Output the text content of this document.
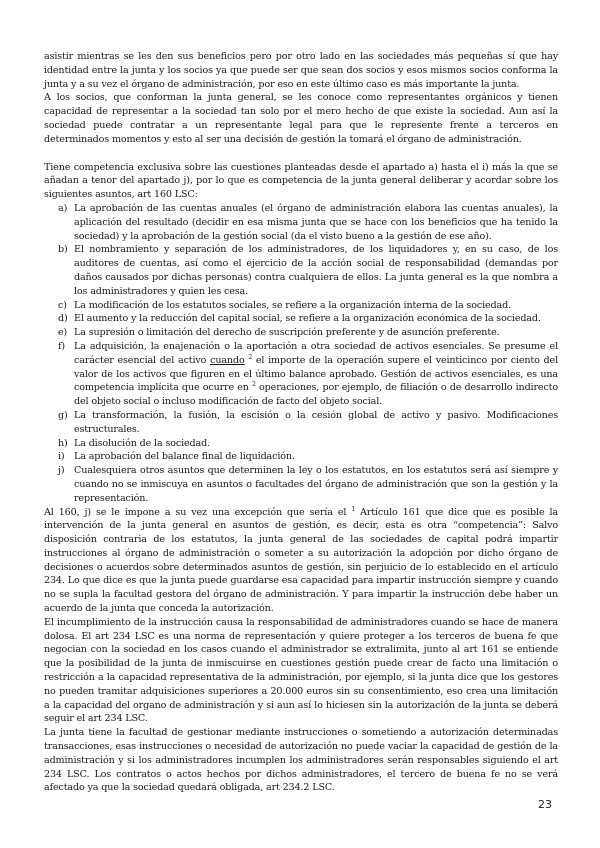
asistir mientras se les den sus beneficios pero por otro lado en las sociedades más pequeñas sí que hay identidad entre la junta y los socios ya que puede ser que sean dos socios y esos mismos socios conforma la junta y a su vez el órgano de administración, por eso en este último caso es más importante la junta.

A los socios, que conforman la junta general, se les conoce como representantes orgánicos y tienen capacidad de representar a la sociedad tan solo por el mero hecho de que existe la sociedad. Aun así la sociedad puede contratar a un representante legal para que le represente frente a terceros en determinados momentos y esto al ser una decisión de gestión la tomará el órgano de administración.

Tiene competencia exclusiva sobre las cuestiones planteadas desde el apartado a) hasta el i) más la que se añadan a tenor del apartado j), por lo que es competencia de la junta general deliberar y acordar sobre los siguientes asuntos, art 160 LSC:

a) La aprobación de las cuentas anuales (el órgano de administración elabora las cuentas anuales), la aplicación del resultado (decidir en esa misma junta que se hace con los beneficios que ha tenido la sociedad) y la aprobación de la gestión social (da el visto bueno a la gestión de ese año).
b) El nombramiento y separación de los administradores, de los liquidadores y, en su caso, de los auditores de cuentas, así como el ejercicio de la acción social de responsabilidad (demandas por daños causados por dichas personas) contra cualquiera de ellos. La junta general es la que nombra a los administradores y quien les cesa.
c) La modificación de los estatutos sociales, se refiere a la organización interna de la sociedad.
d) El aumento y la reducción del capital social, se refiere a la organización económica de la sociedad.
e) La supresión o limitación del derecho de suscripción preferente y de asunción preferente.
f) La adquisición, la enajenación o la aportación a otra sociedad de activos esenciales. Se presume el carácter esencial del activo cuando $^2$ el importe de la operación supere el veinticinco por ciento del valor de los activos que figuren en el último balance aprobado. Gestión de activos esenciales, es una competencia implícita que ocurre en $^2$ operaciones, por ejemplo, de filiación o de desarrollo indirecto del objeto social o incluso modificación de facto del objeto social.
g) La transformación, la fusión, la escisión o la cesión global de activo y pasivo. Modificaciones estructurales.
h) La disolución de la sociedad.
i) La aprobación del balance final de liquidación.
j) Cualesquiera otros asuntos que determinen la ley o los estatutos, en los estatutos será así siempre y cuando no se inmiscuya en asuntos o facultades del órgano de administración que son la gestión y la representación.

Al 160, j) se le impone a su vez una excepción que sería el $^1$ Artículo 161 que dice que es posible la intervención de la junta general en asuntos de gestión, es decir, esta es otra “competencia”: Salvo disposición contraria de los estatutos, la junta general de las sociedades de capital podrá impartir instrucciones al órgano de administración o someter a su autorización la adopción por dicho órgano de decisiones o acuerdos sobre determinados asuntos de gestión, sin perjuicio de lo establecido en el artículo 234. Lo que dice es que la junta puede guardarse esa capacidad para impartir instrucción siempre y cuando no se supla la facultad gestora del órgano de administración. Y para impartir la instrucción debe haber un acuerdo de la junta que conceda la autorización.

El incumplimiento de la instrucción causa la responsabilidad de administradores cuando se hace de manera dolosa. El art 234 LSC es una norma de representación y quiere proteger a los terceros de buena fe que negocian con la sociedad en los casos cuando el administrador se extralimita, junto al art 161 se entiende que la posibilidad de la junta de inmiscuirse en cuestiones gestión puede crear de facto una limitación o restricción a la capacidad representativa de la administración, por ejemplo, si la junta dice que los gestores no pueden tramitar adquisiciones superiores a 20.000 euros sin su consentimiento, eso crea una limitación a la capacidad del organo de administración y si aun así lo hiciesen sin la autorización de la junta se deberá seguir el art 234 LSC.

La junta tiene la facultad de gestionar mediante instrucciones o sometiendo a autorización determinadas transacciones, esas instrucciones o necesidad de autorización no puede vaciar la capacidad de gestión de la administración y si los administradores incumplen los administradores serán responsables siguiendo el art 234 LSC. Los contratos o actos hechos por dichos administradores, el tercero de buena fe no se verá afectado ya que la sociedad quedará obligada, art 234.2 LSC.

23
